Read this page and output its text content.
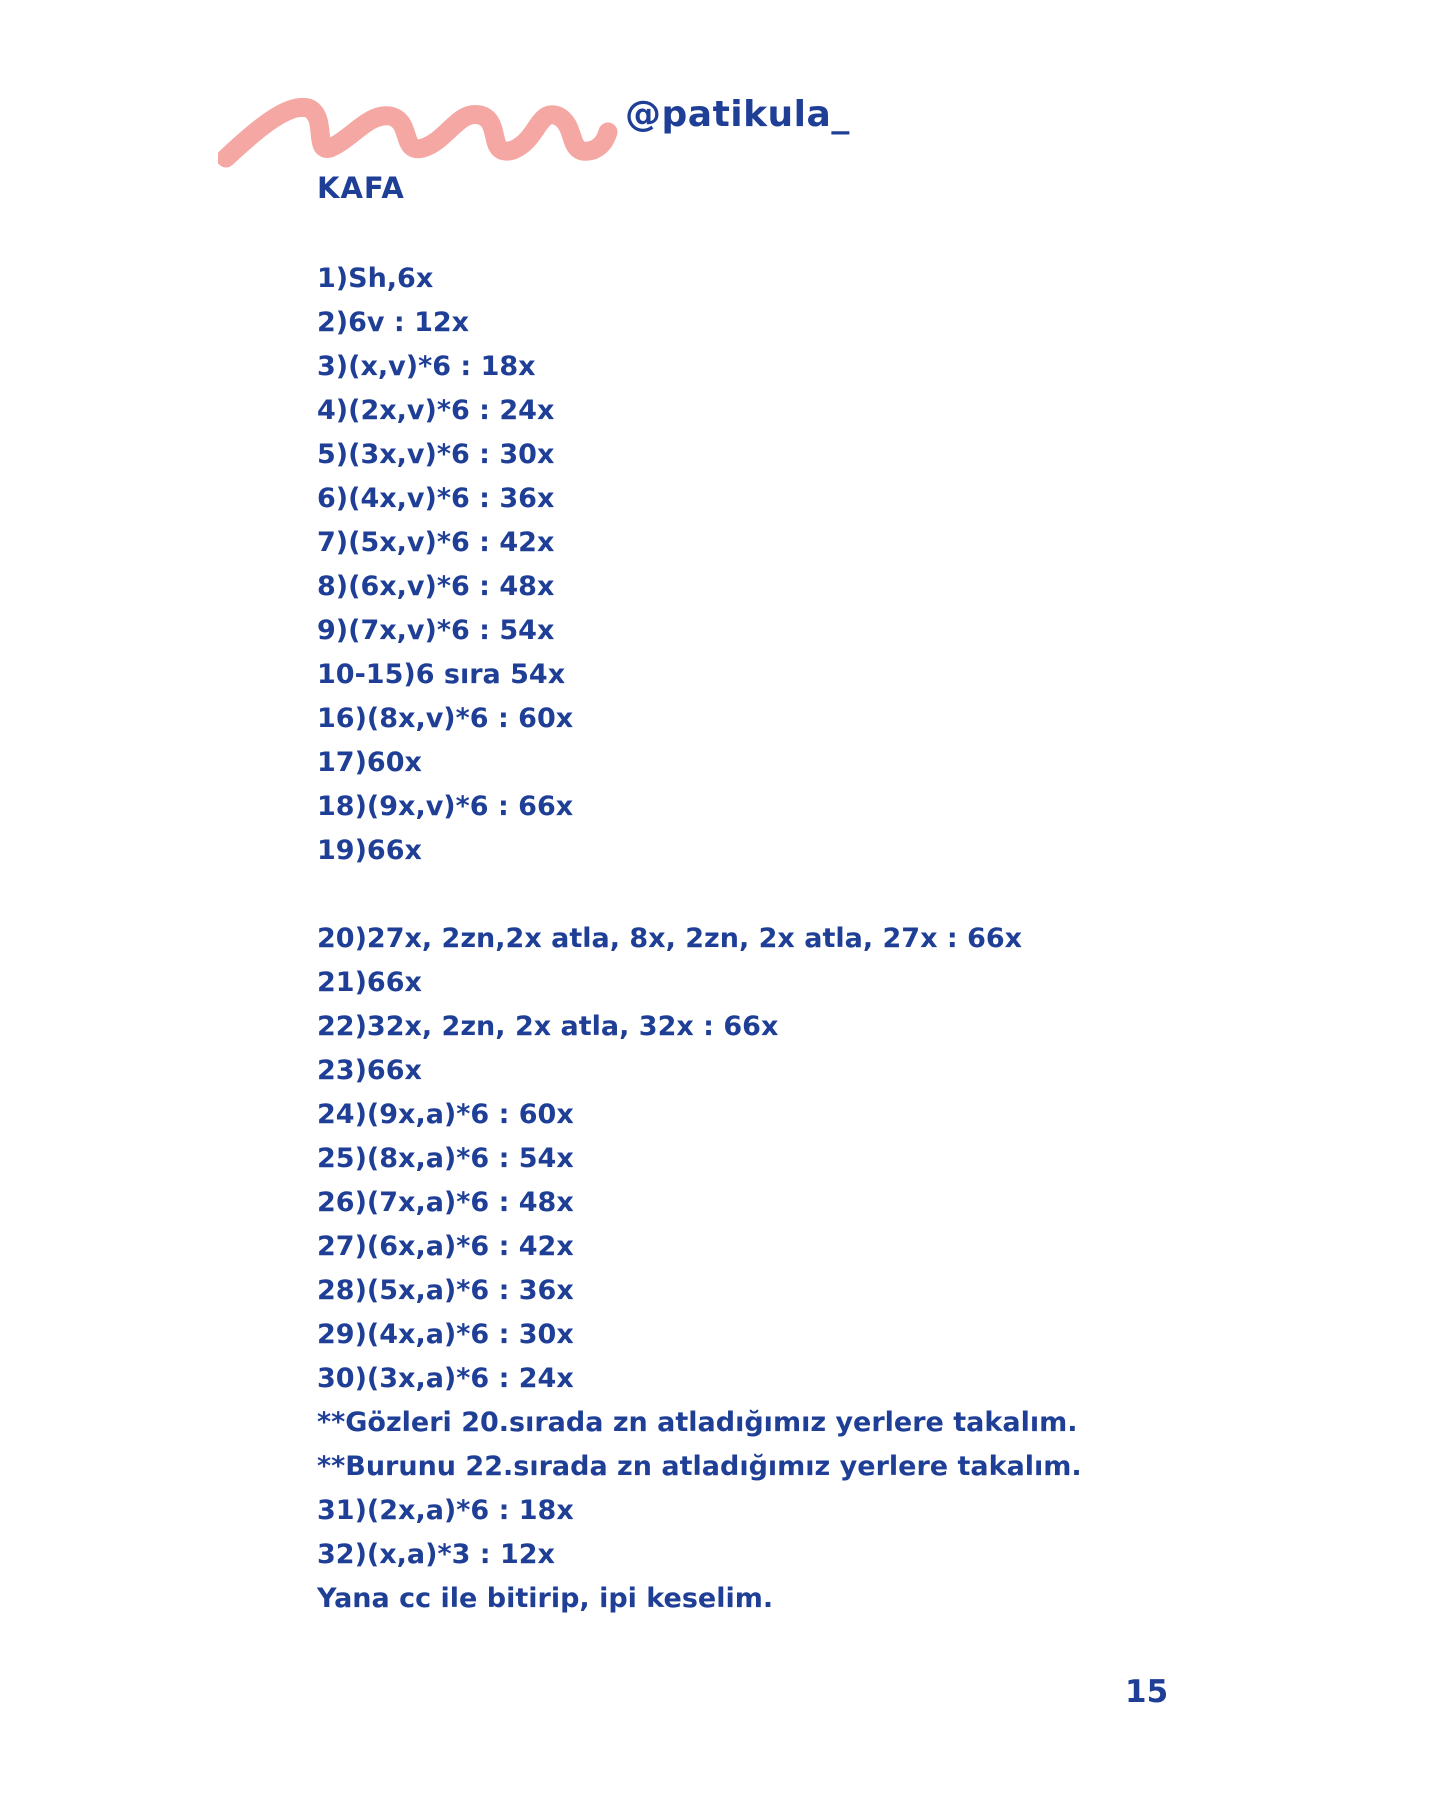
@patikula_
KAFA
1)Sh,6x
2)6v : 12x
3)(x,v)*6 : 18x
4)(2x,v)*6 : 24x
5)(3x,v)*6 : 30x
6)(4x,v)*6 : 36x
7)(5x,v)*6 : 42x
8)(6x,v)*6 : 48x
9)(7x,v)*6 : 54x
10-15)6 sıra 54x
16)(8x,v)*6 : 60x
17)60x
18)(9x,v)*6 : 66x
19)66x
20)27x, 2zn,2x atla, 8x, 2zn, 2x atla, 27x : 66x
21)66x
22)32x, 2zn, 2x atla, 32x : 66x
23)66x
24)(9x,a)*6 : 60x
25)(8x,a)*6 : 54x
26)(7x,a)*6 : 48x
27)(6x,a)*6 : 42x
28)(5x,a)*6 : 36x
29)(4x,a)*6 : 30x
30)(3x,a)*6 : 24x
**Gözleri 20.sırada zn atladığımız yerlere takalım.
**Burunu 22.sırada zn atladığımız yerlere takalım.
31)(2x,a)*6 : 18x
32)(x,a)*3 : 12x
Yana cc ile bitirip, ipi keselim.
15
